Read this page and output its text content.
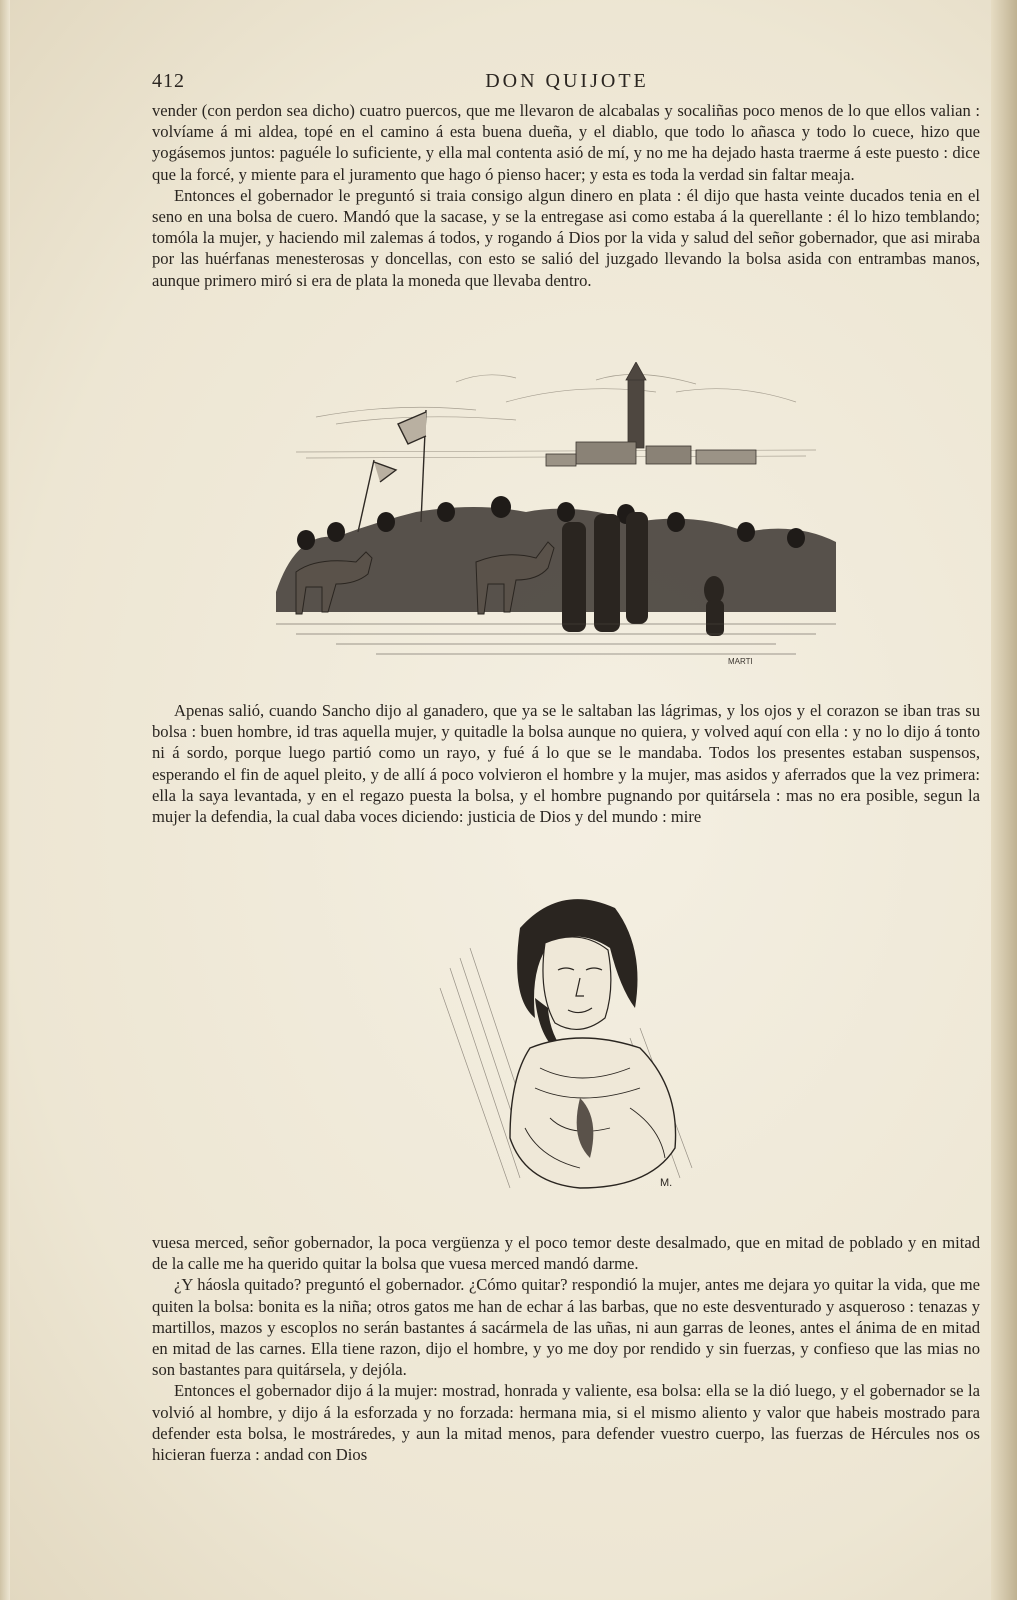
412	DON QUIJOTE

vender (con perdon sea dicho) cuatro puercos, que me llevaron de alcabalas y socaliñas poco menos de lo que ellos valian : volvíame á mi aldea, topé en el camino á esta buena dueña, y el diablo, que todo lo añasca y todo lo cuece, hizo que yogásemos juntos: paguéle lo suficiente, y ella mal contenta asió de mí, y no me ha dejado hasta traerme á este puesto : dice que la forcé, y miente para el juramento que hago ó pienso hacer; y esta es toda la verdad sin faltar meaja.

Entonces el gobernador le preguntó si traia consigo algun dinero en plata : él dijo que hasta veinte ducados tenia en el seno en una bolsa de cuero. Mandó que la sacase, y se la entregase asi como estaba á la querellante : él lo hizo temblando; tomóla la mujer, y haciendo mil zalemas á todos, y rogando á Dios por la vida y salud del señor gobernador, que asi miraba por las huérfanas menesterosas y doncellas, con esto se salió del juzgado llevando la bolsa asida con entrambas manos, aunque primero miró si era de plata la moneda que llevaba dentro.

MARTI

Apenas salió, cuando Sancho dijo al ganadero, que ya se le saltaban las lágrimas, y los ojos y el corazon se iban tras su bolsa : buen hombre, id tras aquella mujer, y quitadle la bolsa aunque no quiera, y volved aquí con ella : y no lo dijo á tonto ni á sordo, porque luego partió como un rayo, y fué á lo que se le mandaba. Todos los presentes estaban suspensos, esperando el fin de aquel pleito, y de allí á poco volvieron el hombre y la mujer, mas asidos y aferrados que la vez primera: ella la saya levantada, y en el regazo puesta la bolsa, y el hombre pugnando por quitársela : mas no era posible, segun la mujer la defendia, la cual daba voces diciendo: justicia de Dios y del mundo : mire

M.

vuesa merced, señor gobernador, la poca vergüenza y el poco temor deste desalmado, que en mitad de poblado y en mitad de la calle me ha querido quitar la bolsa que vuesa merced mandó darme.

¿Y háosla quitado? preguntó el gobernador. ¿Cómo quitar? respondió la mujer, antes me dejara yo quitar la vida, que me quiten la bolsa: bonita es la niña; otros gatos me han de echar á las barbas, que no este desventurado y asqueroso : tenazas y martillos, mazos y escoplos no serán bastantes á sacármela de las uñas, ni aun garras de leones, antes el ánima de en mitad en mitad de las carnes. Ella tiene razon, dijo el hombre, y yo me doy por rendido y sin fuerzas, y confieso que las mias no son bastantes para quitársela, y dejóla.

Entonces el gobernador dijo á la mujer: mostrad, honrada y valiente, esa bolsa: ella se la dió luego, y el gobernador se la volvió al hombre, y dijo á la esforzada y no forzada: hermana mia, si el mismo aliento y valor que habeis mostrado para defender esta bolsa, le mostráredes, y aun la mitad menos, para defender vuestro cuerpo, las fuerzas de Hércules nos os hicieran fuerza : andad con Dios
